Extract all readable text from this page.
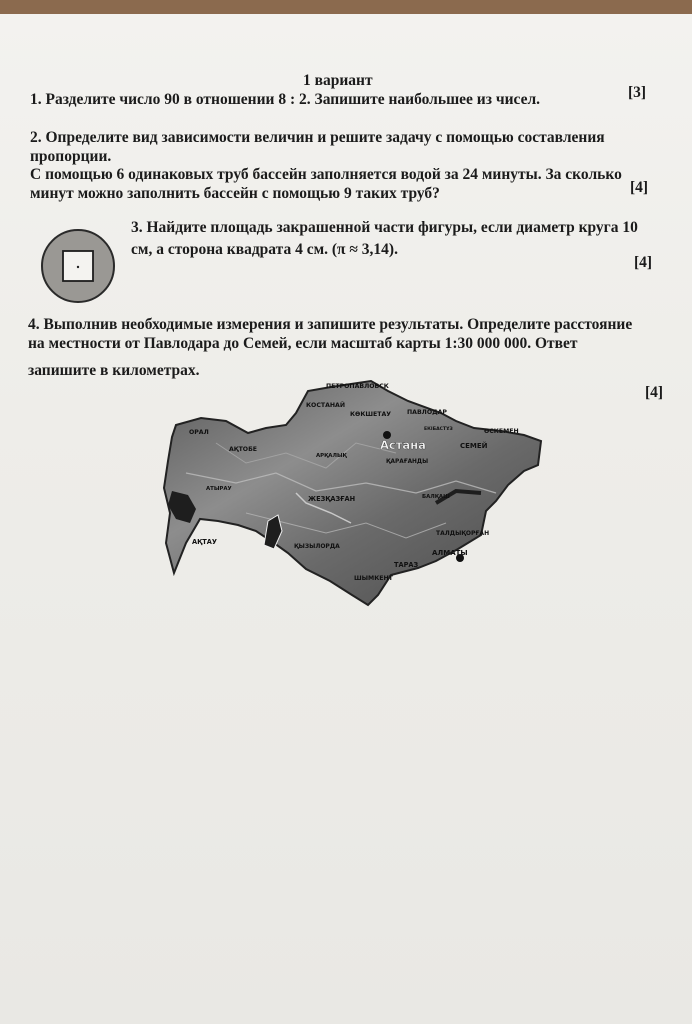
1 вариант
1. Разделите число 90 в отношении 8 : 2. Запишите наибольшее из чисел.	[3]
2. Определите вид зависимости величин и решите задачу с помощью составления
пропорции.
С помощью 6 одинаковых труб бассейн заполняется водой за 24 минуты. За сколько
минут можно заполнить бассейн с помощью 9 таких труб?	[4]
3. Найдите площадь закрашенной части фигуры, если диаметр круга 10
см, а сторона квадрата 4 см. (π ≈ 3,14).
[4]
4. Выполнив необходимые измерения и запишите результаты. Определите расстояние
на местности от Павлодара до Семей, если масштаб карты 1:30 000 000. Ответ
запишите в километрах.
[4]
ПЕТРОПАВЛОВСК
КОСТАНАЙ
КӨКШЕТАУ	ПАВЛОДАР
ОРАЛ
АҚТОБЕ
ЕКІБАСТҰЗ	ӨСКЕМЕН
СЕМЕЙ
АРҚАЛЫҚ
Астана
ҚАРАҒАНДЫ
АТЫРАУ
ЖЕЗҚАЗҒАН	БАЛҚАШ
АҚТАУ
ТАЛДЫҚОРҒАН
ҚЫЗЫЛОРДА
АЛМАТЫ
ТАРАЗ
ШЫМКЕНТ
